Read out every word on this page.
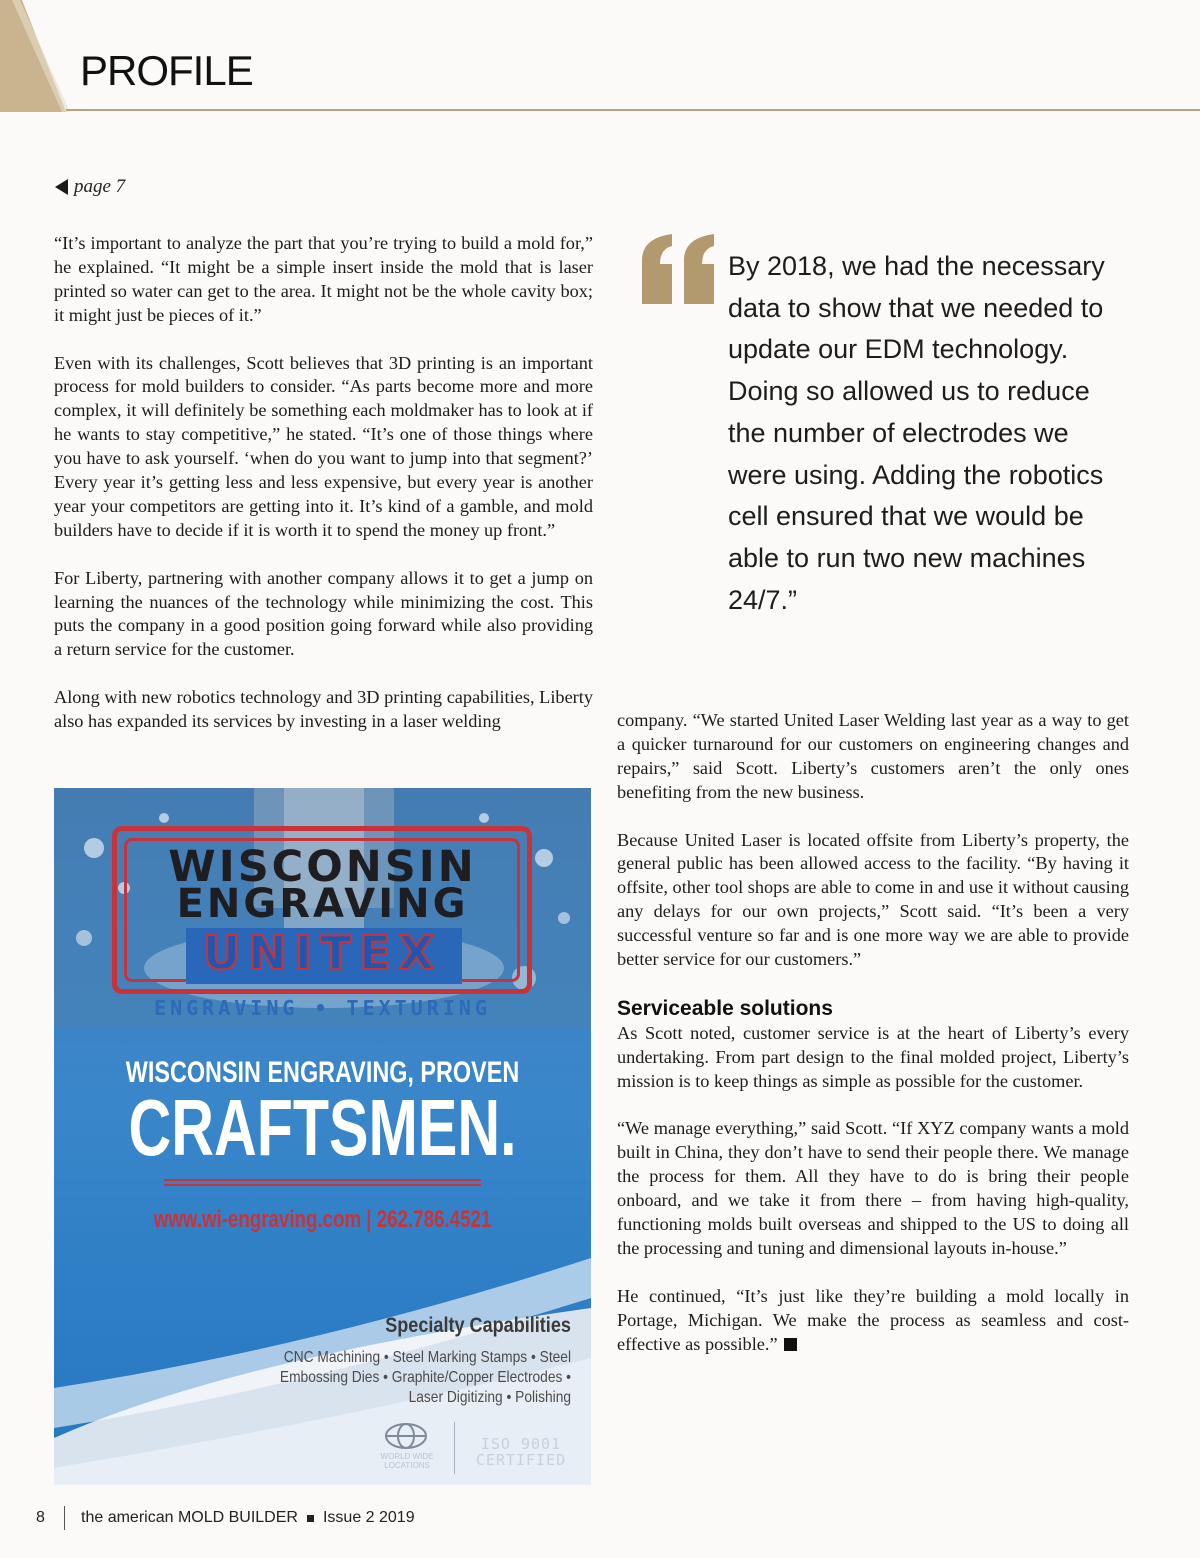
PROFILE
page 7

“It’s important to analyze the part that you’re trying to build a mold for,” he explained. “It might be a simple insert inside the mold that is laser printed so water can get to the area. It might not be the whole cavity box; it might just be pieces of it.”

Even with its challenges, Scott believes that 3D printing is an important process for mold builders to consider. “As parts become more and more complex, it will definitely be something each moldmaker has to look at if he wants to stay competitive,” he stated. “It’s one of those things where you have to ask yourself. ‘when do you want to jump into that segment?’ Every year it’s getting less and less expensive, but every year is another year your competitors are getting into it. It’s kind of a gamble, and mold builders have to decide if it is worth it to spend the money up front.”

For Liberty, partnering with another company allows it to get a jump on learning the nuances of the technology while minimizing the cost. This puts the company in a good position going forward while also providing a return service for the customer.

Along with new robotics technology and 3D printing capabilities, Liberty also has expanded its services by investing in a laser welding

By 2018, we had the necessary data to show that we needed to update our EDM technology. Doing so allowed us to reduce the number of electrodes we were using. Adding the robotics cell ensured that we would be able to run two new machines 24/7.”

company. “We started United Laser Welding last year as a way to get a quicker turnaround for our customers on engineering changes and repairs,” said Scott. Liberty’s customers aren’t the only ones benefiting from the new business.

Because United Laser is located offsite from Liberty’s property, the general public has been allowed access to the facility. “By having it offsite, other tool shops are able to come in and use it without causing any delays for our own projects,” Scott said. “It’s been a very successful venture so far and is one more way we are able to provide better service for our customers.”

Serviceable solutions

As Scott noted, customer service is at the heart of Liberty’s every undertaking. From part design to the final molded project, Liberty’s mission is to keep things as simple as possible for the customer.

“We manage everything,” said Scott. “If XYZ company wants a mold built in China, they don’t have to send their people there. We manage the process for them. All they have to do is bring their people onboard, and we take it from there – from having high-quality, functioning molds built overseas and shipped to the US to doing all the processing and tuning and dimensional layouts in-house.”

He continued, “It’s just like they’re building a mold locally in Portage, Michigan. We make the process as seamless and cost-effective as possible.”

WISCONSIN
ENGRAVING
UNITEX
ENGRAVING • TEXTURING
WISCONSIN ENGRAVING, PROVEN
CRAFTSMEN.
www.wi-engraving.com | 262.786.4521
Specialty Capabilities
CNC Machining • Steel Marking Stamps • Steel Embossing Dies • Graphite/Copper Electrodes • Laser Digitizing • Polishing
WORLD WIDE LOCATIONS
ISO 9001
CERTIFIED
8	the american MOLD BUILDER Issue 2 2019
